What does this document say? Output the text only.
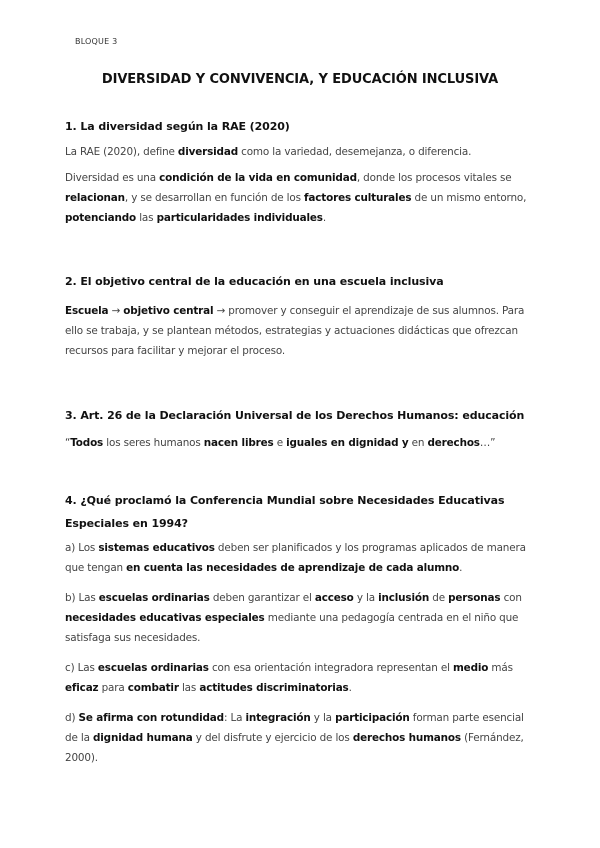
BLOQUE 3
DIVERSIDAD Y CONVIVENCIA, Y EDUCACIÓN INCLUSIVA
1. La diversidad según la RAE (2020)
La RAE (2020), define diversidad como la variedad, desemejanza, o diferencia.
Diversidad es una condición de la vida en comunidad, donde los procesos vitales se relacionan, y se desarrollan en función de los factores culturales de un mismo entorno, potenciando las particularidades individuales.
2. El objetivo central de la educación en una escuela inclusiva
Escuela → objetivo central → promover y conseguir el aprendizaje de sus alumnos. Para ello se trabaja, y se plantean métodos, estrategias y actuaciones didácticas que ofrezcan recursos para facilitar y mejorar el proceso.
3. Art. 26 de la Declaración Universal de los Derechos Humanos: educación
“Todos los seres humanos nacen libres e iguales en dignidad y en derechos…”
4. ¿Qué proclamó la Conferencia Mundial sobre Necesidades Educativas Especiales en 1994?
a) Los sistemas educativos deben ser planificados y los programas aplicados de manera que tengan en cuenta las necesidades de aprendizaje de cada alumno.
b) Las escuelas ordinarias deben garantizar el acceso y la inclusión de personas con necesidades educativas especiales mediante una pedagogía centrada en el niño que satisfaga sus necesidades.
c) Las escuelas ordinarias con esa orientación integradora representan el medio más eficaz para combatir las actitudes discriminatorias.
d) Se afirma con rotundidad: La integración y la participación forman parte esencial de la dignidad humana y del disfrute y ejercicio de los derechos humanos (Fernández, 2000).
